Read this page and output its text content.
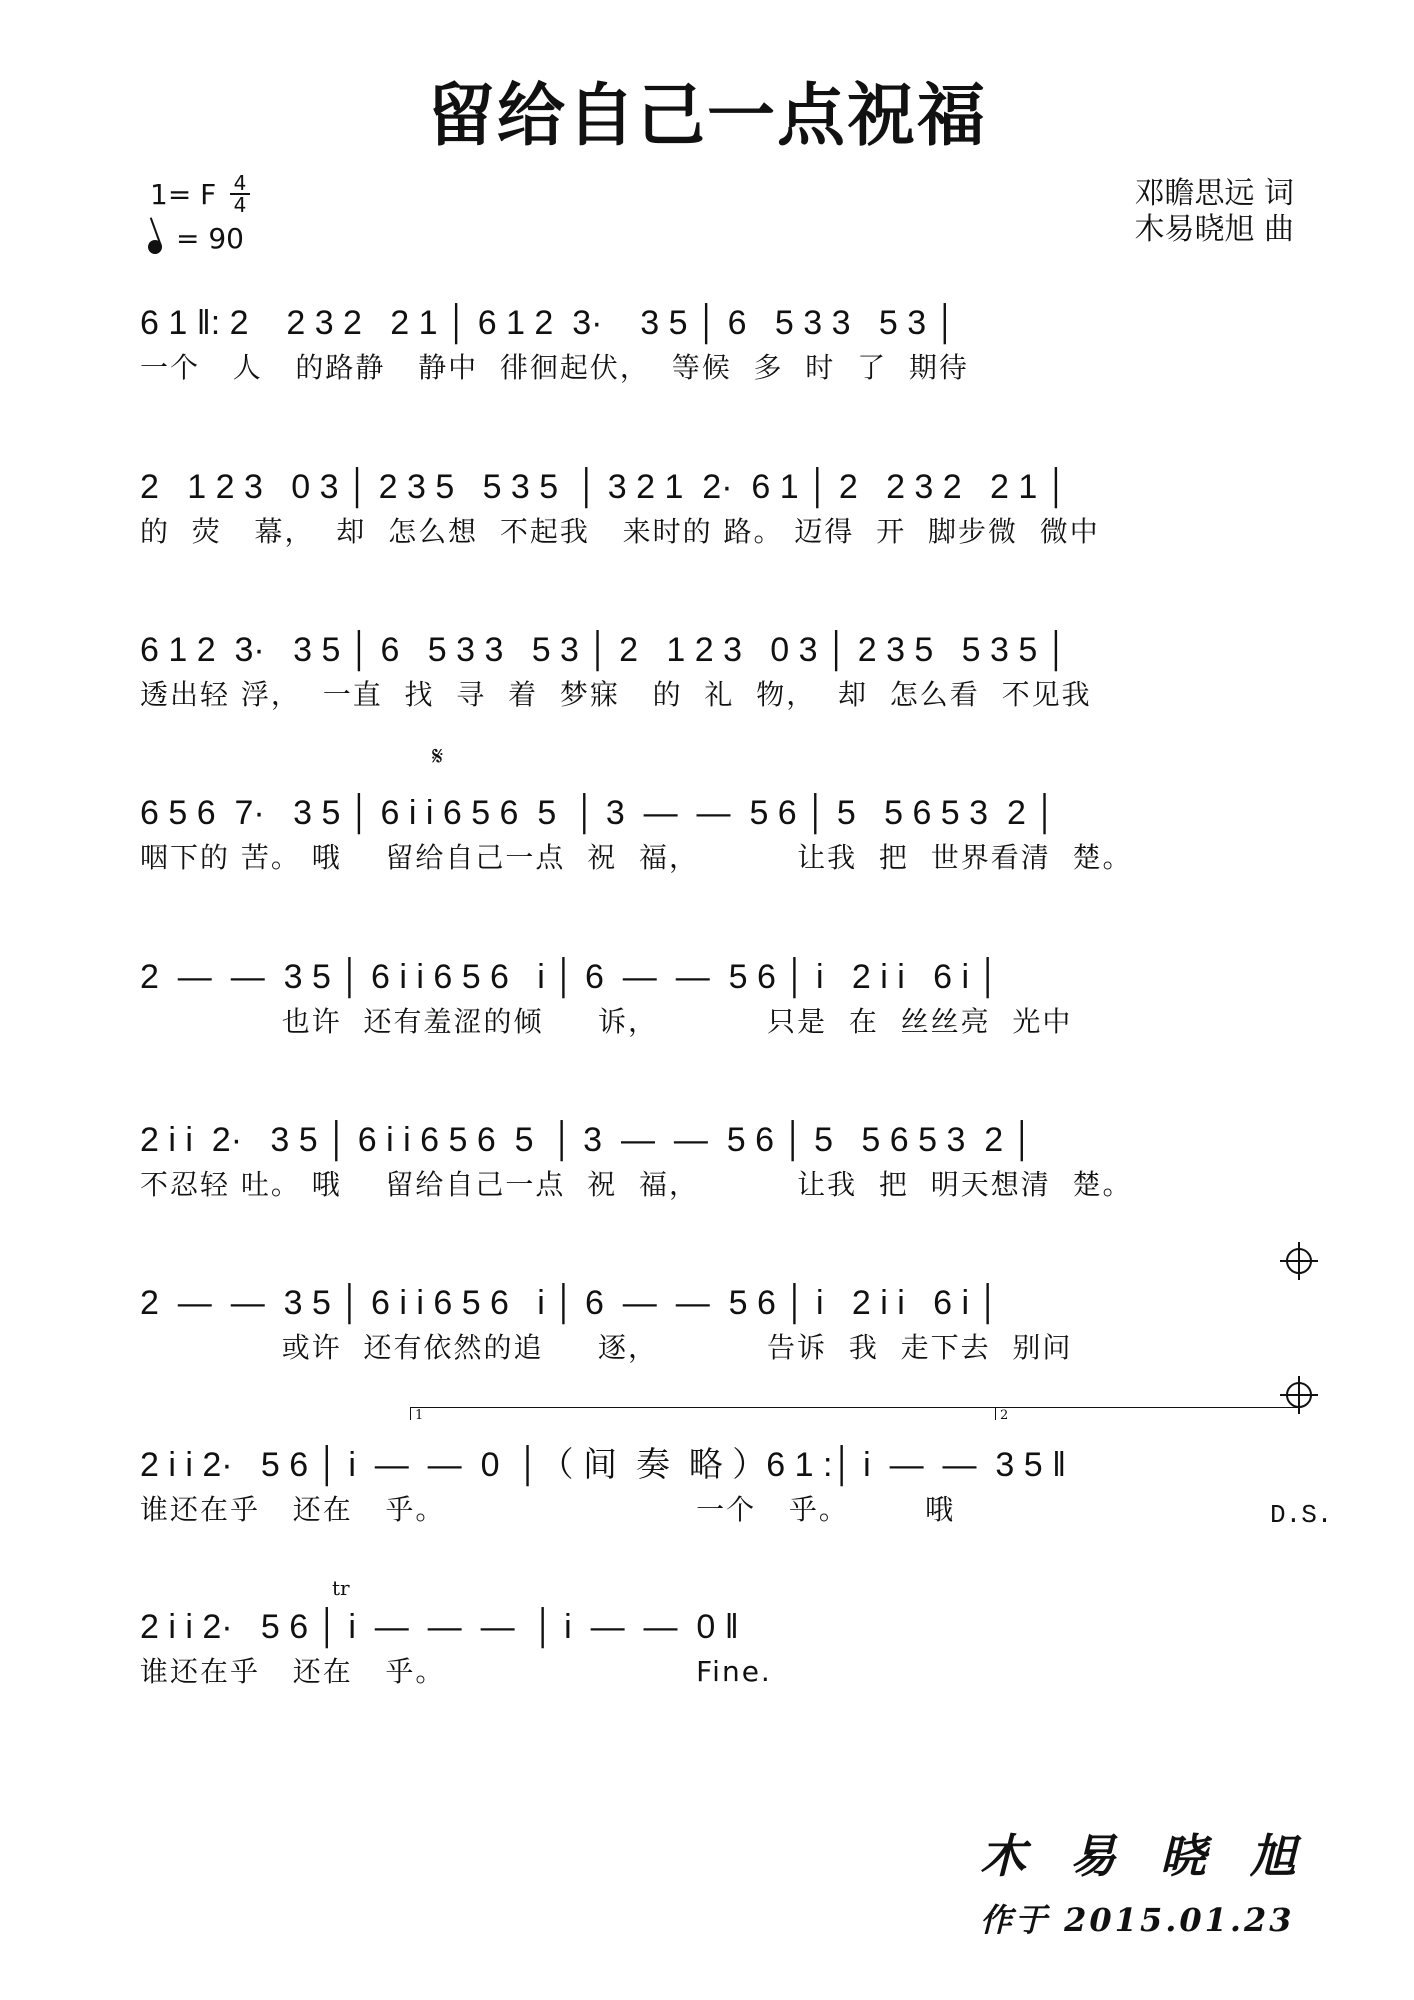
留给自己一点祝福
1= F 4
4
= 90
邓瞻思远 词
木易晓旭 曲
6 1 ‖: 2    2 3 2   2 1 │ 6 1 2  3·    3 5 │ 6   5 3 3   5 3 │
一个   人   的路静   静中  徘徊起伏，  等候  多  时  了  期待
2   1 2 3   0 3 │ 2 3 5   5 3 5  │ 3 2 1  2·  6 1 │ 2   2 3 2   2 1 │
的  荧   幕，  却  怎么想  不起我   来时的 路。 迈得  开  脚步微  微中
6 1 2  3·   3 5 │ 6   5 3 3   5 3 │ 2   1 2 3   0 3 │ 2 3 5   5 3 5 │
透出轻 浮，  一直  找  寻  着  梦寐   的  礼  物，  却  怎么看  不见我
𝄋
6 5 6  7·   3 5 │ 6 i i 6 5 6  5  │ 3  —  —  5 6 │ 5   5 6 5 3  2 │
咽下的 苦。 哦    留给自己一点  祝  福，         让我  把  世界看清  楚。
2  —  —  3 5 │ 6 i i 6 5 6   i │ 6  —  —  5 6 │ i   2 i i   6 i │
也许  还有羞涩的倾     诉，          只是  在  丝丝亮  光中
2 i i  2·   3 5 │ 6 i i 6 5 6  5  │ 3  —  —  5 6 │ 5   5 6 5 3  2 │
不忍轻 吐。 哦    留给自己一点  祝  福，         让我  把  明天想清  楚。
2  —  —  3 5 │ 6 i i 6 5 6   i │ 6  —  —  5 6 │ i   2 i i   6 i │
或许  还有依然的追     逐，          告诉  我  走下去  别问
1	2
2 i i 2·   5 6 │ i  —  —  0  │（ 间  奏  略 ）6 1 :│ i  —  —  3 5 ‖
谁还在乎   还在   乎。                       一个   乎。       哦	D.S.
tr
2 i i 2·   5 6 │ i  —  —  —  │ i  —  —  0 ‖
谁还在乎   还在   乎。                       Fine.
木 易 晓 旭
作于 2015.01.23
